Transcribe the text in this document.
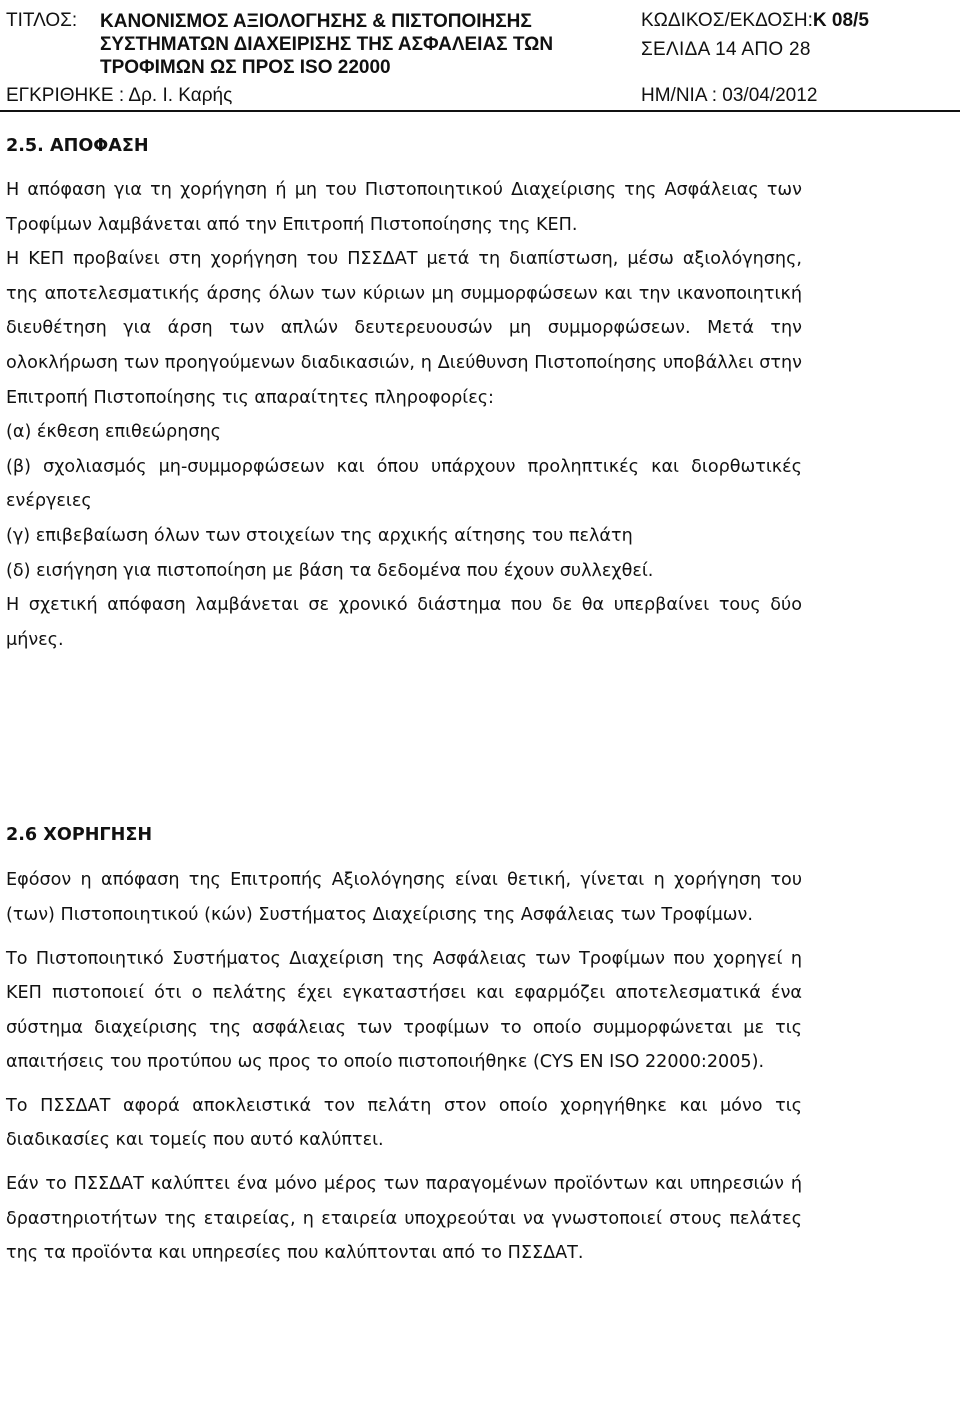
ΤΙΤΛΟΣ: ΚΑΝΟΝΙΣΜΟΣ ΑΞΙΟΛΟΓΗΣΗΣ & ΠΙΣΤΟΠΟΙΗΣΗΣ
ΣΥΣΤΗΜΑΤΩΝ ΔΙΑΧΕΙΡΙΣΗΣ ΤΗΣ ΑΣΦΑΛΕΙΑΣ ΤΩΝ
ΤΡΟΦΙΜΩΝ ΩΣ ΠΡΟΣ ISO 22000
ΚΩΔΙΚΟΣ/ΕΚΔΟΣΗ:Κ 08/5
ΣΕΛΙΔΑ 14 ΑΠΟ 28
ΕΓΚΡΙΘΗΚΕ : Δρ. Ι. Καρής	ΗΜ/ΝΙΑ : 03/04/2012
2.5. ΑΠΟΦΑΣΗ

Η απόφαση για τη χορήγηση ή μη του Πιστοποιητικού Διαχείρισης της Ασφάλειας των Τροφίμων λαμβάνεται από την Επιτροπή Πιστοποίησης της ΚΕΠ.

Η ΚΕΠ προβαίνει στη χορήγηση του ΠΣΣΔΑΤ μετά τη διαπίστωση, μέσω αξιολόγησης, της αποτελεσματικής άρσης όλων των κύριων μη συμμορφώσεων και την ικανοποιητική διευθέτηση για άρση των απλών δευτερευουσών μη συμμορφώσεων. Μετά την ολοκλήρωση των προηγούμενων διαδικασιών, η Διεύθυνση Πιστοποίησης υποβάλλει στην Επιτροπή Πιστοποίησης τις απαραίτητες πληροφορίες:

(α) έκθεση επιθεώρησης

(β) σχολιασμός μη-συμμορφώσεων και όπου υπάρχουν προληπτικές και διορθωτικές ενέργειες

(γ) επιβεβαίωση όλων των στοιχείων της αρχικής αίτησης του πελάτη

(δ) εισήγηση για πιστοποίηση με βάση τα δεδομένα που έχουν συλλεχθεί.

Η σχετική απόφαση λαμβάνεται σε χρονικό διάστημα που δε θα υπερβαίνει τους δύο μήνες.

2.6 ΧΟΡΗΓΗΣΗ

Εφόσον η απόφαση της Επιτροπής Αξιολόγησης είναι θετική, γίνεται η χορήγηση του (των) Πιστοποιητικού (κών) Συστήματος Διαχείρισης της Ασφάλειας των Τροφίμων.

Το Πιστοποιητικό Συστήματος Διαχείριση της Ασφάλειας των Τροφίμων που χορηγεί η ΚΕΠ πιστοποιεί ότι ο πελάτης έχει εγκαταστήσει και εφαρμόζει αποτελεσματικά ένα σύστημα διαχείρισης της ασφάλειας των τροφίμων το οποίο συμμορφώνεται με τις απαιτήσεις του προτύπου ως προς το οποίο πιστοποιήθηκε (CYS EN ISO 22000:2005).

Το ΠΣΣΔΑΤ αφορά αποκλειστικά τον πελάτη στον οποίο χορηγήθηκε και μόνο τις διαδικασίες και τομείς που αυτό καλύπτει.

Εάν το ΠΣΣΔΑΤ καλύπτει ένα μόνο μέρος των παραγομένων προϊόντων και υπηρεσιών ή δραστηριοτήτων της εταιρείας, η εταιρεία υποχρεούται να γνωστοποιεί στους πελάτες της τα προϊόντα και υπηρεσίες που καλύπτονται από το ΠΣΣΔΑΤ.
